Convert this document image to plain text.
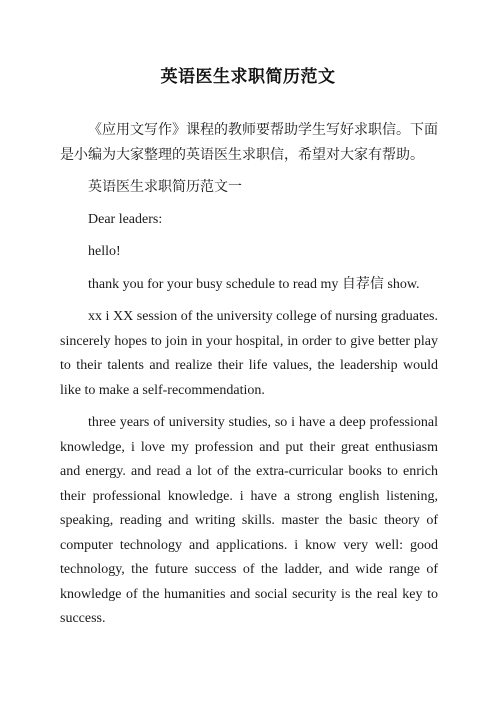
英语医生求职简历范文

《应用文写作》课程的教师要帮助学生写好求职信。下面是小编为大家整理的英语医生求职信，希望对大家有帮助。

英语医生求职简历范文一

Dear leaders:

hello!

thank you for your busy schedule to read my 自荐信 show.

xx i XX session of the university college of nursing graduates. sincerely hopes to join in your hospital, in order to give better play to their talents and realize their life values, the leadership would like to make a self-recommendation.

three years of university studies, so i have a deep professional knowledge, i love my profession and put their great enthusiasm and energy. and read a lot of the extra-curricular books to enrich their professional knowledge. i have a strong english listening, speaking, reading and writing skills. master the basic theory of computer technology and applications. i know very well: good technology, the future success of the ladder, and wide range of knowledge of the humanities and social security is the real key to success.
